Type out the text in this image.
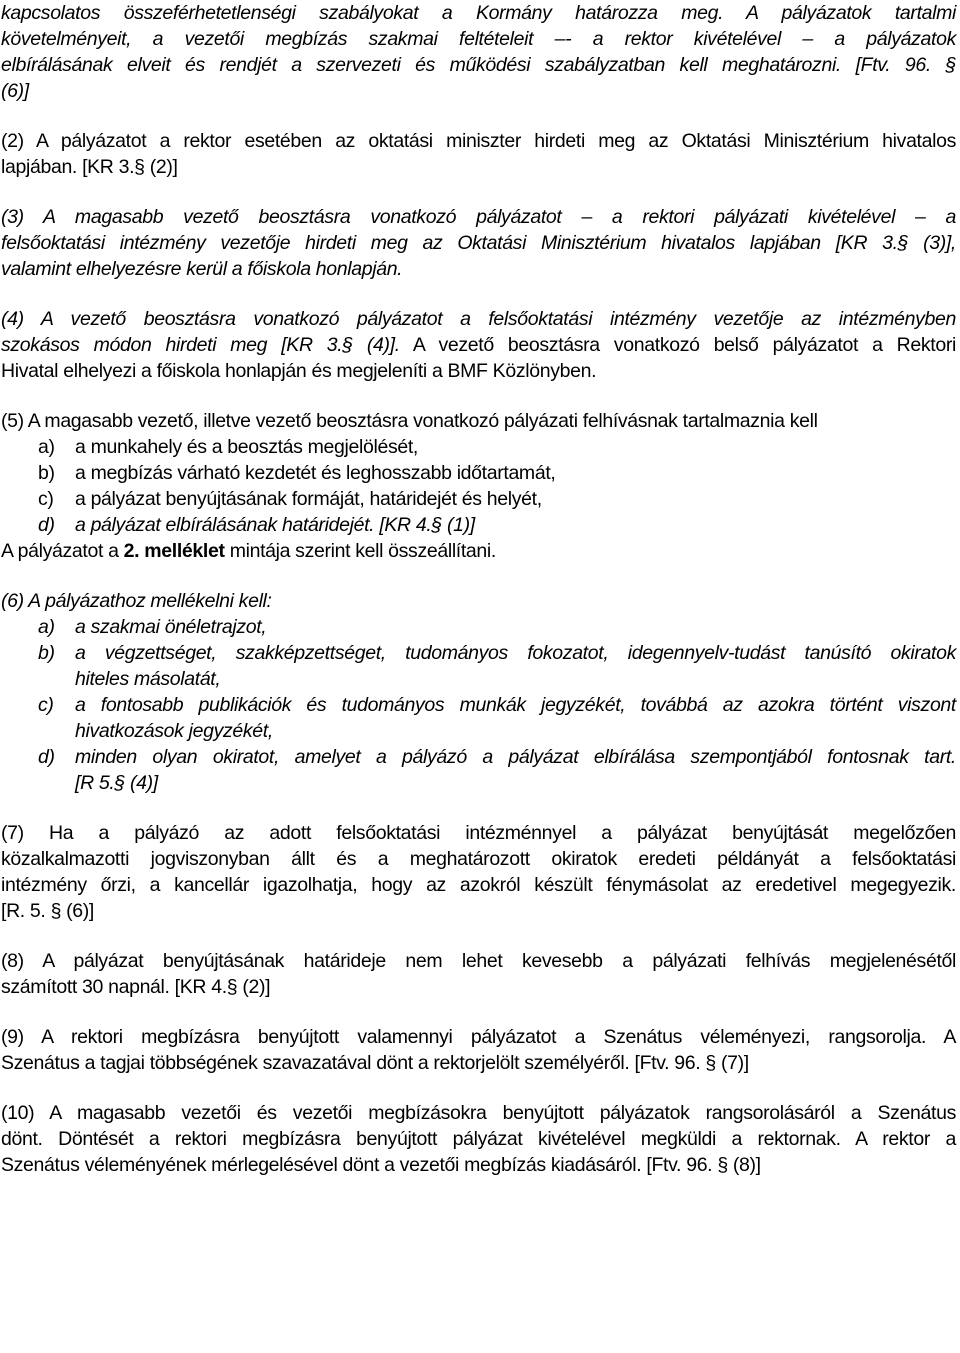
kapcsolatos összeférhetetlenségi szabályokat a Kormány határozza meg. A pályázatok tartalmi

követelményeit, a vezetői megbízás szakmai feltételeit –- a rektor kivételével – a pályázatok

elbírálásának elveit és rendjét a szervezeti és működési szabályzatban kell meghatározni. [Ftv. 96. §

(6)]

(2) A pályázatot a rektor esetében az oktatási miniszter hirdeti meg az Oktatási Minisztérium hivatalos

lapjában. [KR 3.§ (2)]

(3) A magasabb vezető beosztásra vonatkozó pályázatot – a rektori pályázati kivételével – a

felsőoktatási intézmény vezetője hirdeti meg az Oktatási Minisztérium hivatalos lapjában [KR 3.§ (3)],

valamint elhelyezésre kerül a főiskola honlapján.

(4) A vezető beosztásra vonatkozó pályázatot a felsőoktatási intézmény vezetője az intézményben

szokásos módon hirdeti meg [KR 3.§ (4)]. A vezető beosztásra vonatkozó belső pályázatot a Rektori

Hivatal elhelyezi a főiskola honlapján és megjeleníti a BMF Közlönyben.

(5) A magasabb vezető, illetve vezető beosztásra vonatkozó pályázati felhívásnak tartalmaznia kell

a)	a munkahely és a beosztás megjelölését,
b)	a megbízás várható kezdetét és leghosszabb időtartamát,
c)	a pályázat benyújtásának formáját, határidejét és helyét,
d)	a pályázat elbírálásának határidejét. [KR 4.§ (1)]

A pályázatot a 2. melléklet mintája szerint kell összeállítani.

(6) A pályázathoz mellékelni kell:

a)	a szakmai önéletrajzot,
b)	a végzettséget, szakképzettséget, tudományos fokozatot, idegennyelv-tudást tanúsító okiratok
hiteles másolatát,
c)	a fontosabb publikációk és tudományos munkák jegyzékét, továbbá az azokra történt viszont
hivatkozások jegyzékét,
d)	minden olyan okiratot, amelyet a pályázó a pályázat elbírálása szempontjából fontosnak tart.
[R 5.§ (4)]

(7) Ha a pályázó az adott felsőoktatási intézménnyel a pályázat benyújtását megelőzően

közalkalmazotti jogviszonyban állt és a meghatározott okiratok eredeti példányát a felsőoktatási

intézmény őrzi, a kancellár igazolhatja, hogy az azokról készült fénymásolat az eredetivel megegyezik.

[R. 5. § (6)]

(8) A pályázat benyújtásának határideje nem lehet kevesebb a pályázati felhívás megjelenésétől

számított 30 napnál. [KR 4.§ (2)]

(9) A rektori megbízásra benyújtott valamennyi pályázatot a Szenátus véleményezi, rangsorolja. A

Szenátus a tagjai többségének szavazatával dönt a rektorjelölt személyéről. [Ftv. 96. § (7)]

(10) A magasabb vezetői és vezetői megbízásokra benyújtott pályázatok rangsorolásáról a Szenátus

dönt. Döntését a rektori megbízásra benyújtott pályázat kivételével megküldi a rektornak. A rektor a

Szenátus véleményének mérlegelésével dönt a vezetői megbízás kiadásáról. [Ftv. 96. § (8)]
